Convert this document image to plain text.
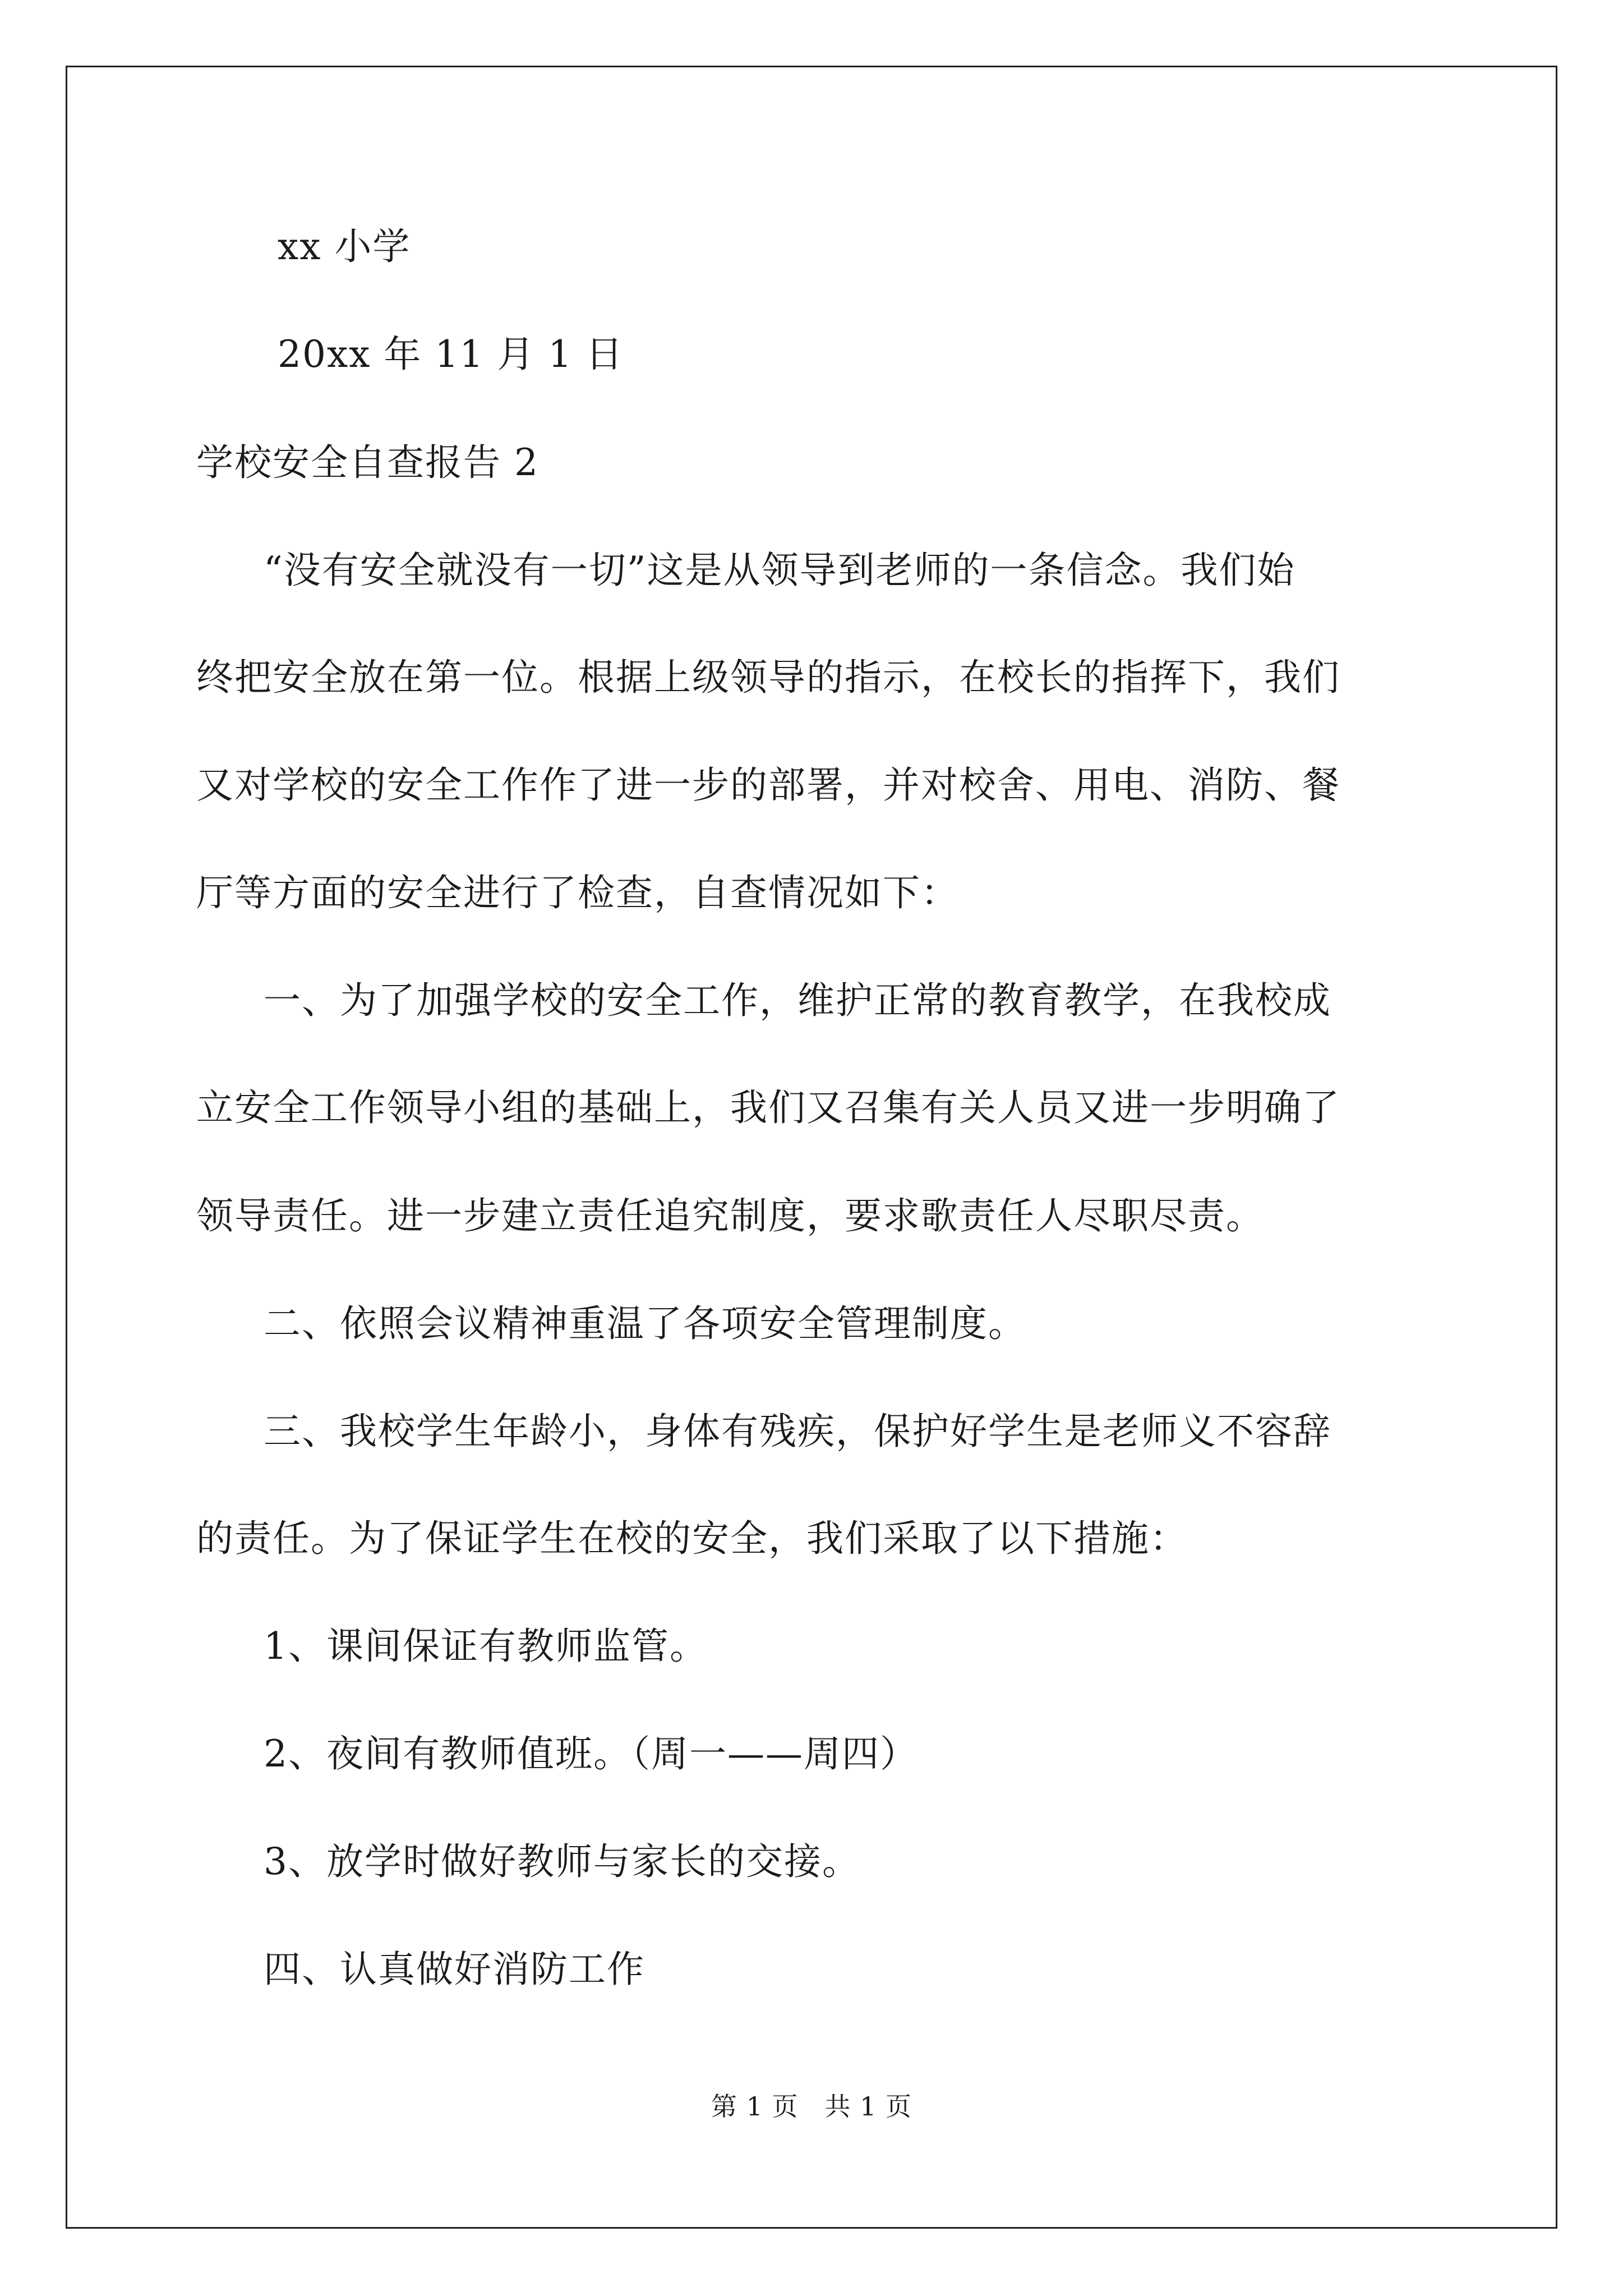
xx 小学
20xx 年 11 月 1 日
学校安全自查报告 2
“没有安全就没有一切”这是从领导到老师的一条信念。我们始
终把安全放在第一位。根据上级领导的指示，在校长的指挥下，我们
又对学校的安全工作作了进一步的部署，并对校舍、用电、消防、餐
厅等方面的安全进行了检查，自查情况如下：
一、为了加强学校的安全工作，维护正常的教育教学，在我校成
立安全工作领导小组的基础上，我们又召集有关人员又进一步明确了
领导责任。进一步建立责任追究制度，要求歌责任人尽职尽责。
二、依照会议精神重温了各项安全管理制度。
三、我校学生年龄小，身体有残疾，保护好学生是老师义不容辞
的责任。为了保证学生在校的安全，我们采取了以下措施：
1、课间保证有教师监管。
2、夜间有教师值班。（周一——周四）
3、放学时做好教师与家长的交接。
四、认真做好消防工作
第 1 页　共 1 页
